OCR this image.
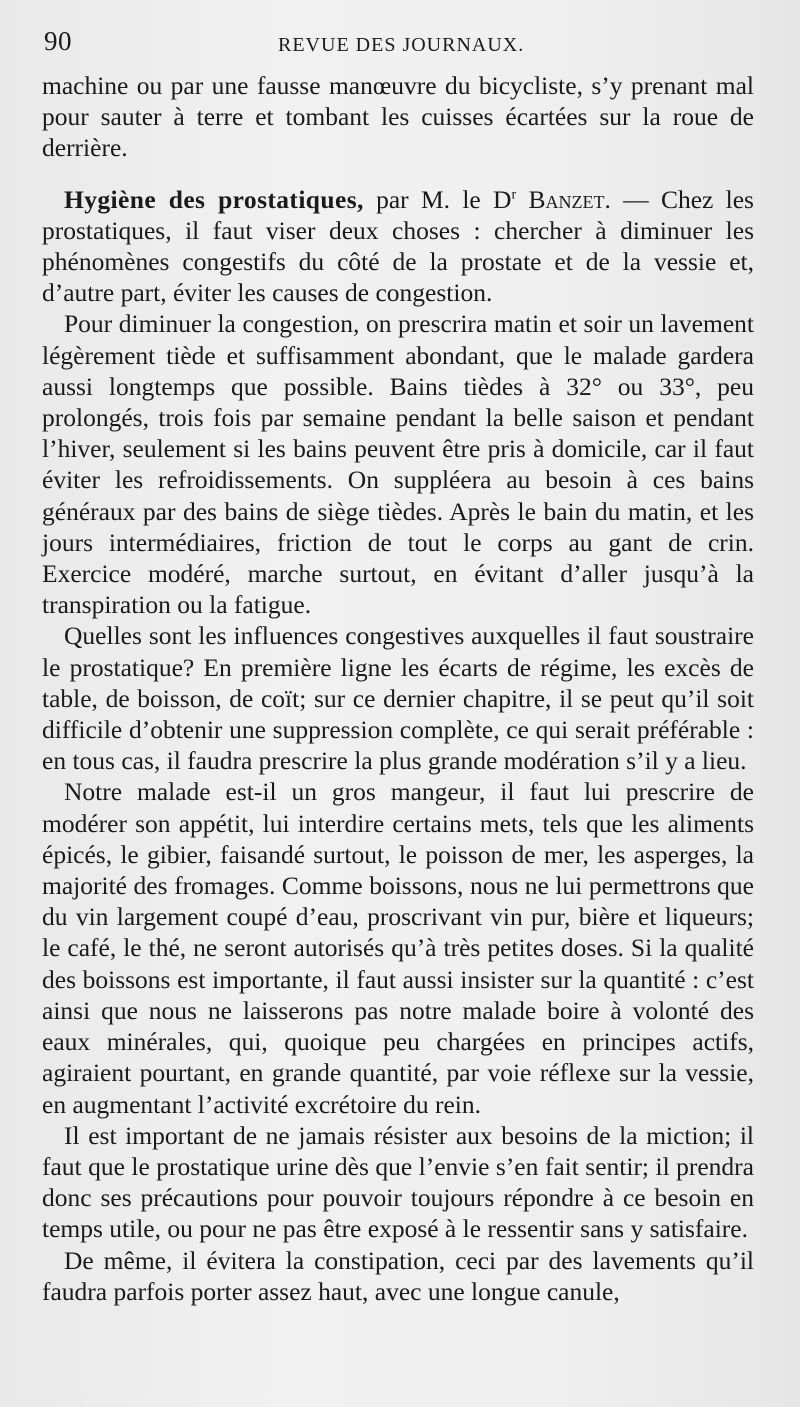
90	REVUE DES JOURNAUX.

machine ou par une fausse manœuvre du bicycliste, s’y prenant mal pour sauter à terre et tombant les cuisses écartées sur la roue de derrière.

Hygiène des prostatiques, par M. le $D^r$ Banzet. — Chez les prostatiques, il faut viser deux choses : chercher à diminuer les phénomènes congestifs du côté de la prostate et de la vessie et, d’autre part, éviter les causes de congestion.

Pour diminuer la congestion, on prescrira matin et soir un lavement légèrement tiède et suffisamment abondant, que le malade gardera aussi longtemps que possible. Bains tièdes à 32° ou 33°, peu prolongés, trois fois par semaine pendant la belle saison et pendant l’hiver, seulement si les bains peuvent être pris à domicile, car il faut éviter les refroidissements. On suppléera au besoin à ces bains généraux par des bains de siège tièdes. Après le bain du matin, et les jours intermédiaires, friction de tout le corps au gant de crin. Exercice modéré, marche surtout, en évitant d’aller jusqu’à la transpiration ou la fatigue.

Quelles sont les influences congestives auxquelles il faut soustraire le prostatique? En première ligne les écarts de régime, les excès de table, de boisson, de coït; sur ce dernier chapitre, il se peut qu’il soit difficile d’obtenir une suppression complète, ce qui serait préférable : en tous cas, il faudra prescrire la plus grande modération s’il y a lieu.

Notre malade est-il un gros mangeur, il faut lui prescrire de modérer son appétit, lui interdire certains mets, tels que les aliments épicés, le gibier, faisandé surtout, le poisson de mer, les asperges, la majorité des fromages. Comme boissons, nous ne lui permettrons que du vin largement coupé d’eau, proscrivant vin pur, bière et liqueurs; le café, le thé, ne seront autorisés qu’à très petites doses. Si la qualité des boissons est importante, il faut aussi insister sur la quantité : c’est ainsi que nous ne laisserons pas notre malade boire à volonté des eaux minérales, qui, quoique peu chargées en principes actifs, agiraient pourtant, en grande quantité, par voie réflexe sur la vessie, en augmentant l’activité excrétoire du rein.

Il est important de ne jamais résister aux besoins de la miction; il faut que le prostatique urine dès que l’envie s’en fait sentir; il prendra donc ses précautions pour pouvoir toujours répondre à ce besoin en temps utile, ou pour ne pas être exposé à le ressentir sans y satisfaire.

De même, il évitera la constipation, ceci par des lavements qu’il faudra parfois porter assez haut, avec une longue canule,
